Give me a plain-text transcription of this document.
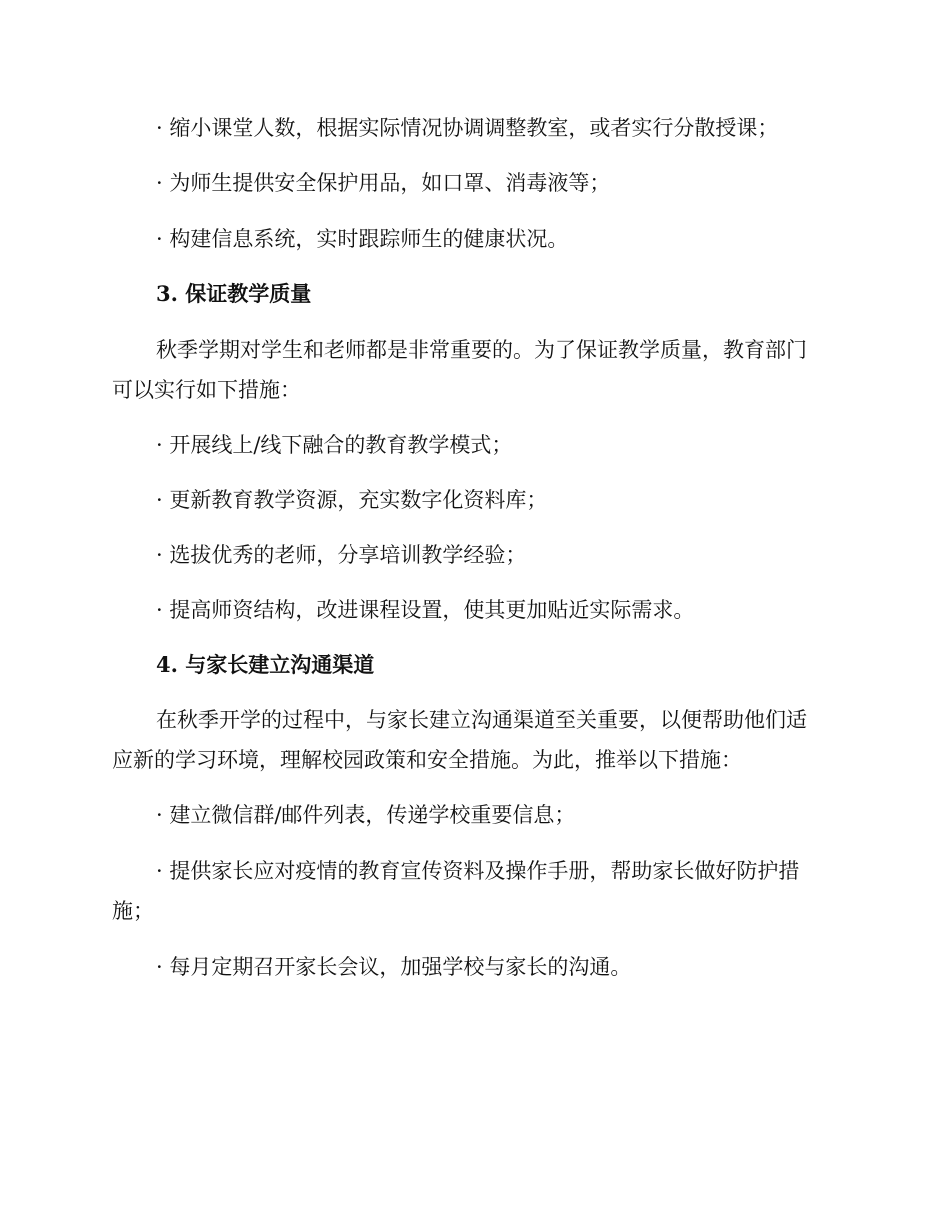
· 缩小课堂人数，根据实际情况协调调整教室，或者实行分散授课；
· 为师生提供安全保护用品，如口罩、消毒液等；
· 构建信息系统，实时跟踪师生的健康状况。
3. 保证教学质量
秋季学期对学生和老师都是非常重要的。为了保证教学质量，教育部门
可以实行如下措施：
· 开展线上/线下融合的教育教学模式；
· 更新教育教学资源，充实数字化资料库；
· 选拔优秀的老师，分享培训教学经验；
· 提高师资结构，改进课程设置，使其更加贴近实际需求。
4. 与家长建立沟通渠道
在秋季开学的过程中，与家长建立沟通渠道至关重要，以便帮助他们适
应新的学习环境，理解校园政策和安全措施。为此，推举以下措施：
· 建立微信群/邮件列表，传递学校重要信息；
· 提供家长应对疫情的教育宣传资料及操作手册，帮助家长做好防护措
施；
· 每月定期召开家长会议，加强学校与家长的沟通。
